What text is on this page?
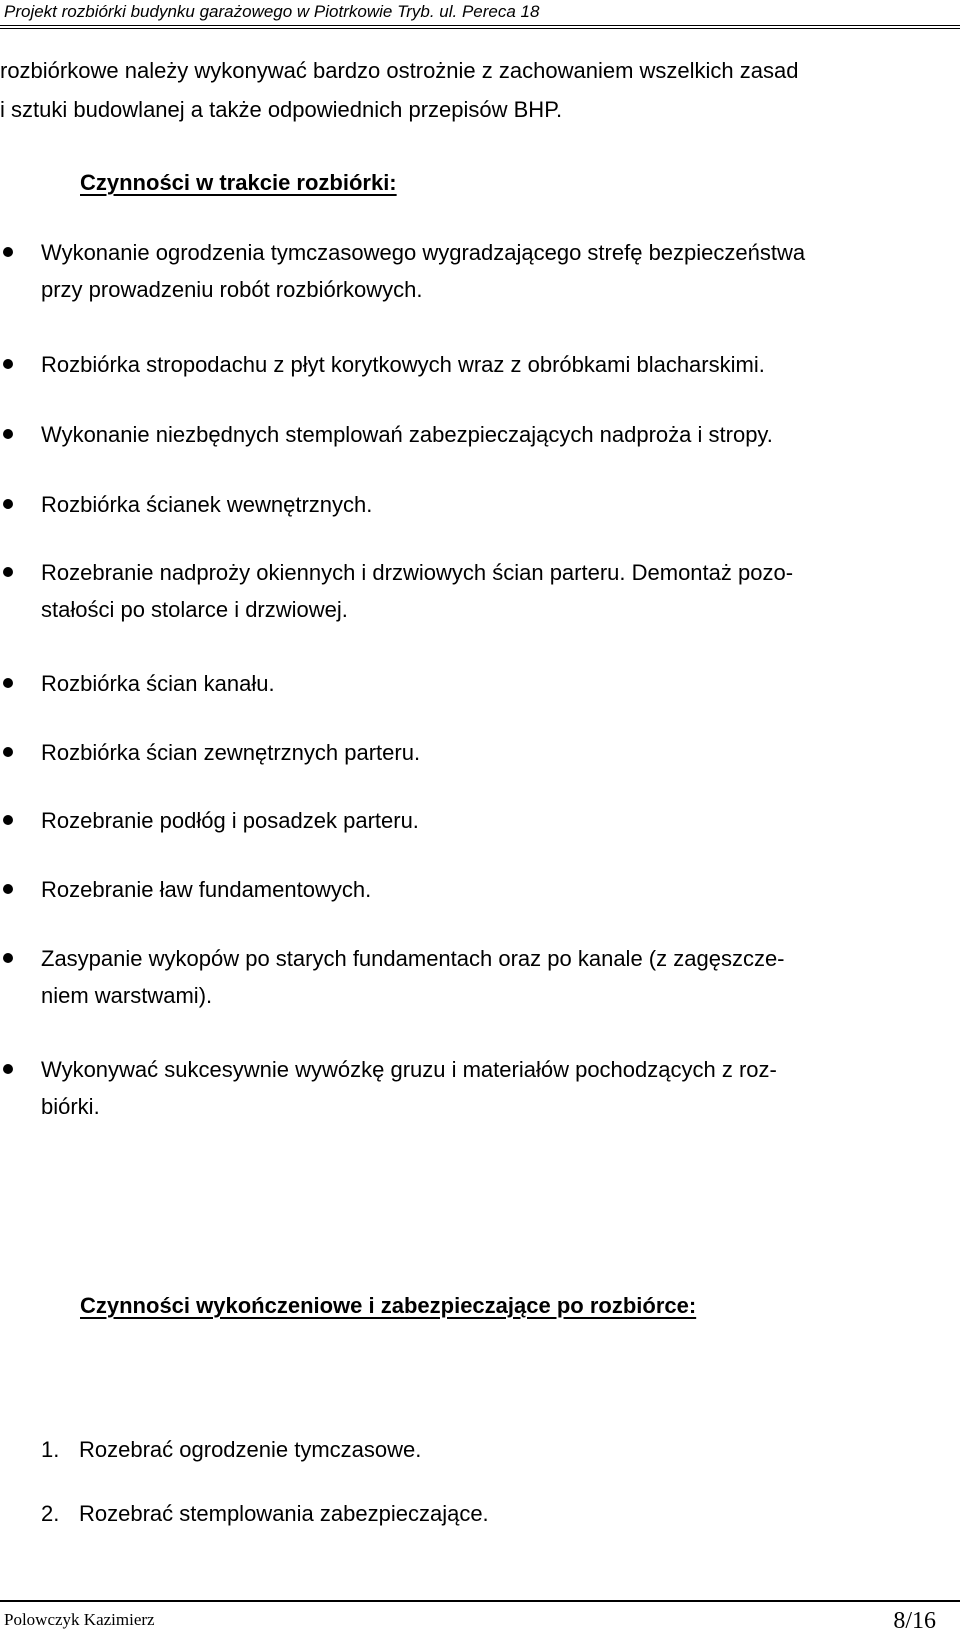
Projekt rozbiórki budynku garażowego w Piotrkowie Tryb. ul. Pereca 18
rozbiórkowe należy wykonywać bardzo ostrożnie z zachowaniem wszelkich zasad
i sztuki budowlanej a także odpowiednich przepisów BHP.
Czynności w trakcie rozbiórki:
Wykonanie ogrodzenia tymczasowego wygradzającego strefę bezpieczeństwa
przy prowadzeniu robót rozbiórkowych.
Rozbiórka stropodachu z płyt korytkowych wraz z obróbkami blacharskimi.
Wykonanie niezbędnych stemplowań zabezpieczających nadproża i stropy.
Rozbiórka ścianek wewnętrznych.
Rozebranie nadproży okiennych i drzwiowych ścian parteru. Demontaż pozo-
stałości po stolarce i drzwiowej.
Rozbiórka ścian kanału.
Rozbiórka ścian zewnętrznych parteru.
Rozebranie podłóg i posadzek parteru.
Rozebranie ław fundamentowych.
Zasypanie wykopów po starych fundamentach oraz po kanale (z zagęszcze-
niem warstwami).
Wykonywać sukcesywnie wywózkę gruzu i materiałów pochodzących z roz-
biórki.
Czynności wykończeniowe i zabezpieczające po rozbiórce:
1. Rozebrać ogrodzenie tymczasowe.
2. Rozebrać stemplowania zabezpieczające.
Polowczyk Kazimierz	8/16
